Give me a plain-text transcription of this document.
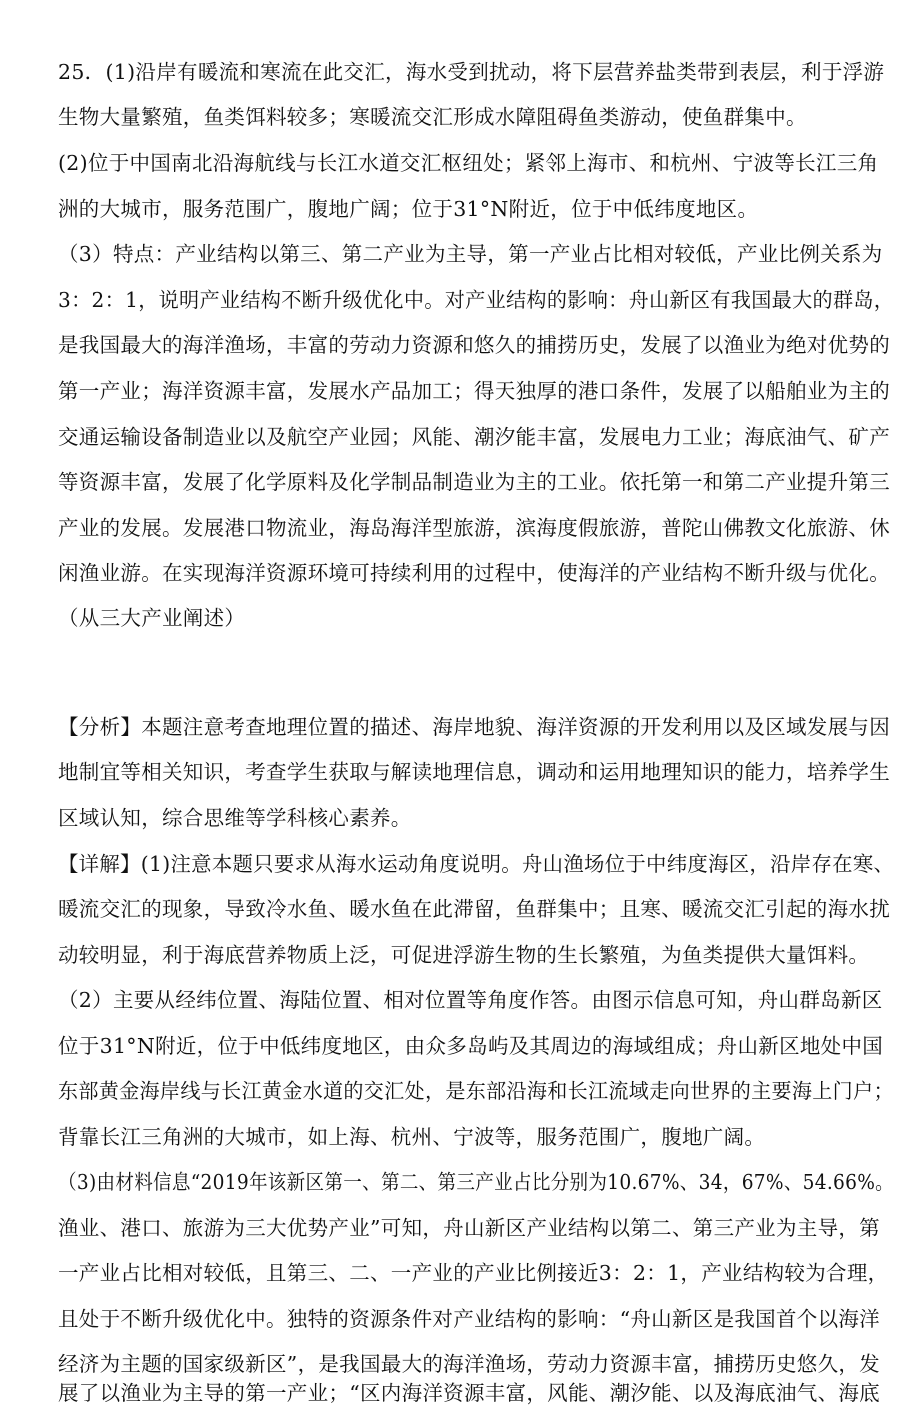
25．(1)沿岸有暖流和寒流在此交汇，海水受到扰动，将下层营养盐类带到表层，利于浮游
生物大量繁殖，鱼类饵料较多；寒暖流交汇形成水障阻碍鱼类游动，使鱼群集中。
(2)位于中国南北沿海航线与长江水道交汇枢纽处；紧邻上海市、和杭州、宁波等长江三角
洲的大城市，服务范围广，腹地广阔；位于31°N附近，位于中低纬度地区。
（3）特点：产业结构以第三、第二产业为主导，第一产业占比相对较低，产业比例关系为
3：2：1，说明产业结构不断升级优化中。对产业结构的影响：舟山新区有我国最大的群岛，
是我国最大的海洋渔场，丰富的劳动力资源和悠久的捕捞历史，发展了以渔业为绝对优势的
第一产业；海洋资源丰富，发展水产品加工；得天独厚的港口条件，发展了以船舶业为主的
交通运输设备制造业以及航空产业园；风能、潮汐能丰富，发展电力工业；海底油气、矿产
等资源丰富，发展了化学原料及化学制品制造业为主的工业。依托第一和第二产业提升第三
产业的发展。发展港口物流业，海岛海洋型旅游，滨海度假旅游，普陀山佛教文化旅游、休
闲渔业游。在实现海洋资源环境可持续利用的过程中，使海洋的产业结构不断升级与优化。
（从三大产业阐述）
【分析】本题注意考查地理位置的描述、海岸地貌、海洋资源的开发利用以及区域发展与因
地制宜等相关知识，考查学生获取与解读地理信息，调动和运用地理知识的能力，培养学生
区域认知，综合思维等学科核心素养。
【详解】(1)注意本题只要求从海水运动角度说明。舟山渔场位于中纬度海区，沿岸存在寒、
暖流交汇的现象，导致冷水鱼、暖水鱼在此滞留，鱼群集中；且寒、暖流交汇引起的海水扰
动较明显，利于海底营养物质上泛，可促进浮游生物的生长繁殖，为鱼类提供大量饵料。
（2）主要从经纬位置、海陆位置、相对位置等角度作答。由图示信息可知，舟山群岛新区
位于31°N附近，位于中低纬度地区，由众多岛屿及其周边的海域组成；舟山新区地处中国
东部黄金海岸线与长江黄金水道的交汇处，是东部沿海和长江流域走向世界的主要海上门户；
背靠长江三角洲的大城市，如上海、杭州、宁波等，服务范围广，腹地广阔。
（3)由材料信息“2019年该新区第一、第二、第三产业占比分别为10.67%、34，67%、54.66%。
渔业、港口、旅游为三大优势产业”可知，舟山新区产业结构以第二、第三产业为主导，第
一产业占比相对较低，且第三、二、一产业的产业比例接近3：2：1，产业结构较为合理，
且处于不断升级优化中。独特的资源条件对产业结构的影响：“舟山新区是我国首个以海洋
经济为主题的国家级新区”，是我国最大的海洋渔场，劳动力资源丰富，捕捞历史悠久，发
展了以渔业为主导的第一产业；“区内海洋资源丰富，风能、潮汐能、以及海底油气、海底
